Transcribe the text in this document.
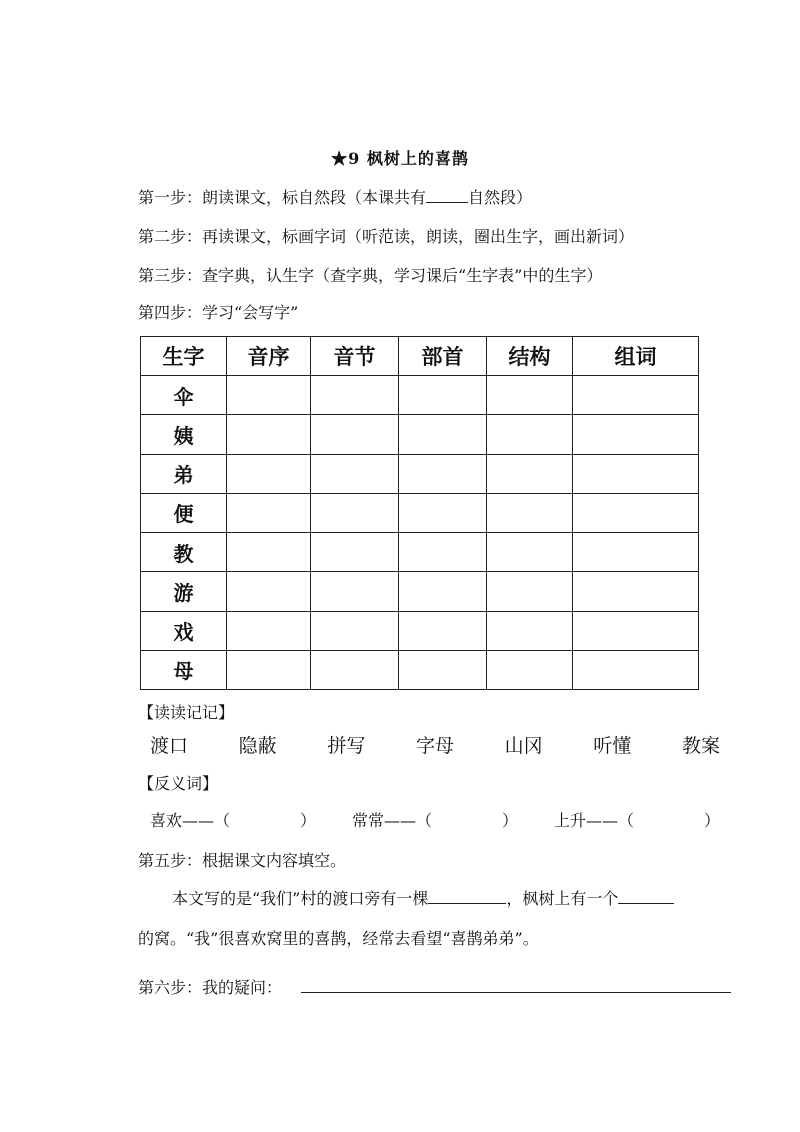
★9 枫树上的喜鹊
第一步：朗读课文，标自然段（本课共有	自然段）
第二步：再读课文，标画字词（听范读，朗读，圈出生字，画出新词）
第三步：查字典，认生字（查字典，学习课后“生字表”中的生字）
第四步：学习“会写字”
生字	音序	音节	部首	结构	组词
伞					
姨					
弟					
便					
教					
游					
戏					
母					
【读读记记】
渡口	隐蔽	拼写	字母	山冈	听懂	教案
【反义词】
喜欢——（	） 常常——（	） 上升——（	）
第五步：根据课文内容填空。
本文写的是“我们”村的渡口旁有一棵	，枫树上有一个
的窝。“我”很喜欢窝里的喜鹊，经常去看望“喜鹊弟弟”。
第六步：我的疑问：
